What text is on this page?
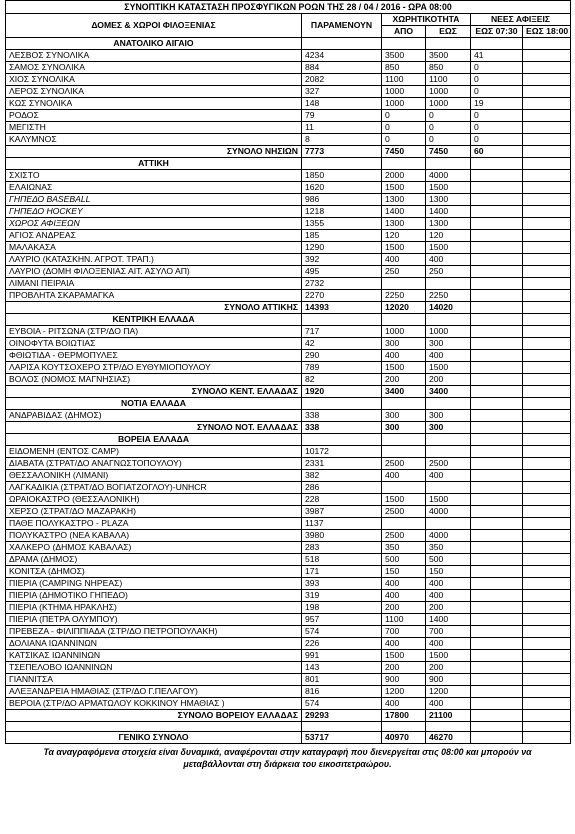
ΣΥΝΟΠΤΙΚΗ ΚΑΤΑΣΤΑΣΗ ΠΡΟΣΦΥΓΙΚΩΝ ΡΟΩΝ ΤΗΣ 28 / 04 / 2016 - ΩΡΑ 08:00					
ΔΟΜΕΣ & ΧΩΡΟΙ ΦΙΛΟΞΕΝΙΑΣ	ΠΑΡΑΜΕΝΟΥΝ	ΧΩΡΗΤΙΚΟΤΗΤΑ		ΝΕΕΣ ΑΦΙΞΕΙΣ	
		ΑΠΟ	ΕΩΣ	ΕΩΣ 07:30	ΕΩΣ 18:00
ΑΝΑΤΟΛΙΚΟ ΑΙΓΑΙΟ					
ΛΕΣΒΟΣ ΣΥΝΟΛΙΚΑ	4234	3500	3500	41	
ΣΑΜΟΣ ΣΥΝΟΛΙΚΑ	884	850	850	0	
ΧΙΟΣ ΣΥΝΟΛΙΚΑ	2082	1100	1100	0	
ΛΕΡΟΣ ΣΥΝΟΛΙΚΑ	327	1000	1000	0	
ΚΩΣ ΣΥΝΟΛΙΚΑ	148	1000	1000	19	
ΡΟΔΟΣ	79	0	0	0	
ΜΕΓΙΣΤΗ	11	0	0	0	
ΚΑΛΥΜΝΟΣ	8	0	0	0	
ΣΥΝΟΛΟ ΝΗΣΙΩΝ	7773	7450	7450	60	
ΑΤΤΙΚΗ					
ΣΧΙΣΤΟ	1850	2000	4000		
ΕΛΑΙΩΝΑΣ	1620	1500	1500		
ΓΗΠΕΔΟ BASEBALL	986	1300	1300		
ΓΗΠΕΔΟ HOCKEY	1218	1400	1400		
ΧΩΡΟΣ ΑΦΙΞΕΩΝ	1355	1300	1300		
ΑΓΙΟΣ ΑΝΔΡΕΑΣ	185	120	120		
ΜΑΛΑΚΑΣΑ	1290	1500	1500		
ΛΑΥΡΙΟ (ΚΑΤΑΣΚΗΝ. ΑΓΡΟΤ. ΤΡΑΠ.)	392	400	400		
ΛΑΥΡΙΟ (ΔΟΜΗ ΦΙΛΟΞΕΝΙΑΣ ΑΙΤ. ΑΣΥΛΟ ΑΠ)	495	250	250		
ΛΙΜΑΝΙ ΠΕΙΡΑΙΑ	2732				
ΠΡΟΒΛΗΤΑ ΣΚΑΡΑΜΑΓΚΑ	2270	2250	2250		
ΣΥΝΟΛΟ ΑΤΤΙΚΗΣ	14393	12020	14020		
ΚΕΝΤΡΙΚΗ ΕΛΛΑΔΑ					
ΕΥΒΟΙΑ - ΡΙΤΣΩΝΑ (ΣΤΡ/ΔΟ ΠΑ)	717	1000	1000		
ΟΙΝΟΦΥΤΑ ΒΟΙΩΤΙΑΣ	42	300	300		
ΦΘΙΩΤΙΔΑ - ΘΕΡΜΟΠΥΛΕΣ	290	400	400		
ΛΑΡΙΣΑ ΚΟΥΤΣΟΧΕΡΟ ΣΤΡ/ΔΟ ΕΥΘΥΜΙΟΠΟΥΛΟΥ	789	1500	1500		
ΒΟΛΟΣ (ΝΟΜΟΣ ΜΑΓΝΗΣΙΑΣ)	82	200	200		
ΣΥΝΟΛΟ ΚΕΝΤ. ΕΛΛΑΔΑΣ	1920	3400	3400		
ΝΟΤΙΑ ΕΛΛΑΔΑ					
ΑΝΔΡΑΒΙΔΑΣ (ΔΗΜΟΣ)	338	300	300		
ΣΥΝΟΛΟ ΝΟΤ. ΕΛΛΑΔΑΣ	338	300	300		
ΒΟΡΕΙΑ ΕΛΛΑΔΑ					
ΕΙΔΟΜΕΝΗ (ΕΝΤΟΣ CAMP)	10172				
ΔΙΑΒΑΤΑ (ΣΤΡΑΤ/ΔΟ ΑΝΑΓΝΩΣΤΟΠΟΥΛΟΥ)	2331	2500	2500		
ΘΕΣΣΑΛΟΝΙΚΗ (ΛΙΜΑΝΙ)	382	400	400		
ΛΑΓΚΑΔΙΚΙΑ (ΣΤΡΑΤ/ΔΟ ΒΟΓΙΑΤΖΟΓΛΟΥ)-UNHCR	286				
ΩΡΑΙΟΚΑΣΤΡΟ (ΘΕΣΣΑΛΟΝΙΚΗ)	228	1500	1500		
ΧΕΡΣΟ (ΣΤΡΑΤ/ΔΟ ΜΑΖΑΡΑΚΗ)	3987	2500	4000		
ΠΑΘΕ ΠΟΛΥΚΑΣΤΡΟ - PLAZA	1137				
ΠΟΛΥΚΑΣΤΡΟ (ΝΕΑ ΚΑΒΑΛΑ)	3980	2500	4000		
ΧΑΛΚΕΡΟ (ΔΗΜΟΣ ΚΑΒΑΛΑΣ)	283	350	350		
ΔΡΑΜΑ (ΔΗΜΟΣ)	518	500	500		
ΚΟΝΙΤΣΑ (ΔΗΜΟΣ)	171	150	150		
ΠΙΕΡΙΑ (CAMPING ΝΗΡΕΑΣ)	393	400	400		
ΠΙΕΡΙΑ (ΔΗΜΟΤΙΚΟ ΓΗΠΕΔΟ)	319	400	400		
ΠΙΕΡΙΑ (ΚΤΗΜΑ ΗΡΑΚΛΗΣ)	198	200	200		
ΠΙΕΡΙΑ (ΠΕΤΡΑ ΟΛΥΜΠΟΥ)	957	1100	1400		
ΠΡΕΒΕΖΑ - ΦΙΛΙΠΠΙΑΔΑ (ΣΤΡ/ΔΟ ΠΕΤΡΟΠΟΥΛΑΚΗ)	574	700	700		
ΔΟΛΙΑΝΑ ΙΩΑΝΝΙΝΩΝ	226	400	400		
ΚΑΤΣΙΚΑΣ ΙΩΑΝΝΙΝΩΝ	991	1500	1500		
ΤΣΕΠΕΛΟΒΟ ΙΩΑΝΝΙΝΩΝ	143	200	200		
ΓΙΑΝΝΙΤΣΑ	801	900	900		
ΑΛΕΞΑΝΔΡΕΙΑ ΗΜΑΘΙΑΣ (ΣΤΡ/ΔΟ Γ.ΠΕΛΑΓΟΥ)	816	1200	1200		
ΒΕΡΟΙΑ (ΣΤΡ/ΔΟ ΑΡΜΑΤΩΛΟΥ ΚΟΚΚΙΝΟΥ ΗΜΑΘΙΑΣ )	574	400	400		
ΣΥΝΟΛΟ ΒΟΡΕΙΟΥ ΕΛΛΑΔΑΣ	29293	17800	21100		

ΓΕΝΙΚΟ ΣΥΝΟΛΟ	53717	40970	46270		
Τα αναγραφόμενα στοιχεία είναι δυναμικά, αναφέρονται στην καταγραφή που διενεργείται στις 08:00 και μπορούν να
μεταβάλλονται στη διάρκεια του εικοσιτετραώρου.
